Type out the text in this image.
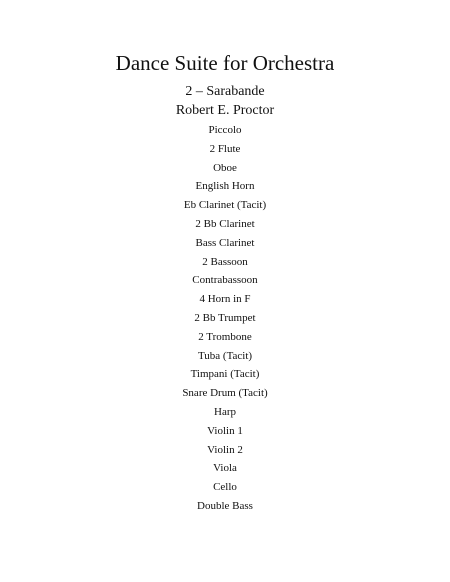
Dance Suite for Orchestra
2 – Sarabande
Robert E. Proctor
Piccolo
2 Flute
Oboe
English Horn
Eb Clarinet (Tacit)
2 Bb Clarinet
Bass Clarinet
2 Bassoon
Contrabassoon
4 Horn in F
2 Bb Trumpet
2 Trombone
Tuba (Tacit)
Timpani (Tacit)
Snare Drum (Tacit)
Harp
Violin 1
Violin 2
Viola
Cello
Double Bass
